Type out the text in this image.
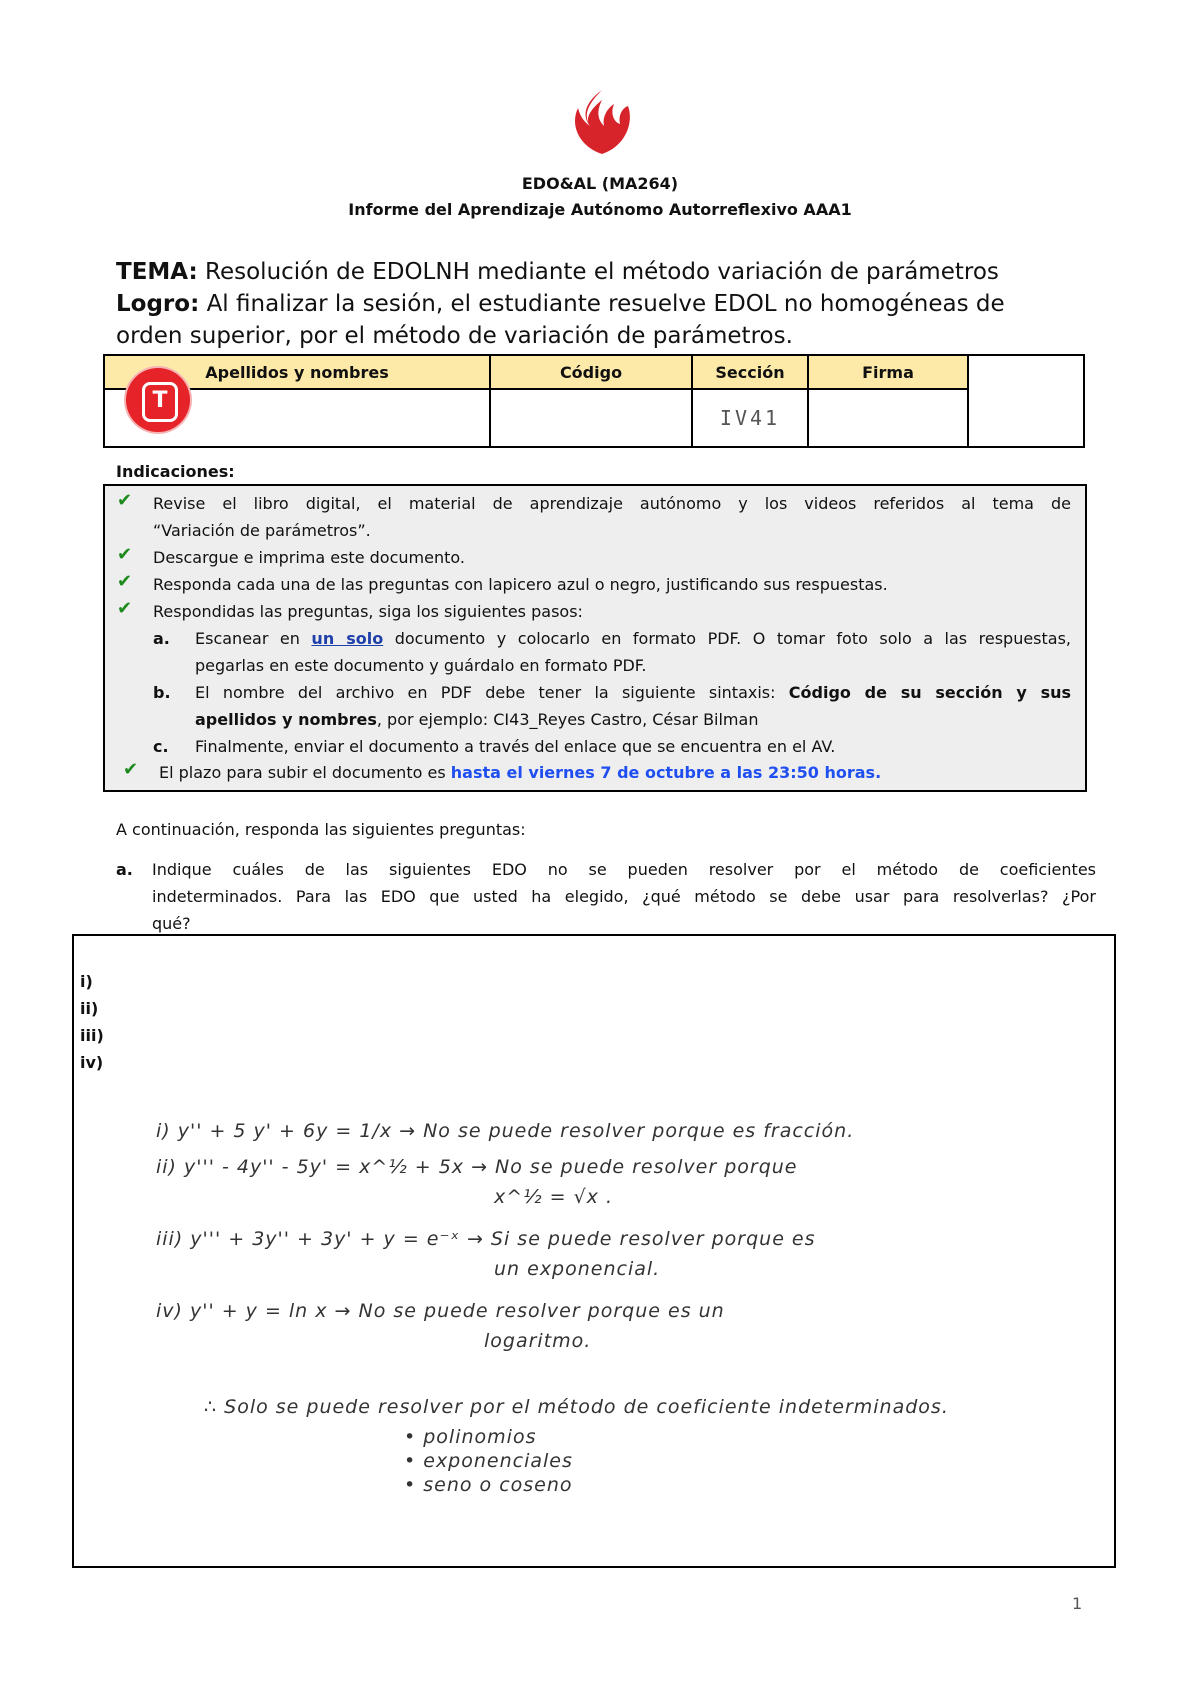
EDO&AL (MA264)
Informe del Aprendizaje Autónomo Autorreflexivo AAA1
TEMA: Resolución de EDOLNH mediante el método variación de parámetros
Logro: Al finalizar la sesión, el estudiante resuelve EDOL no homogéneas de orden superior, por el método de variación de parámetros.
Apellidos y nombres	Código	Sección	Firma	
		IV41		
T
Indicaciones:
✔ Revise el libro digital, el material de aprendizaje autónomo y los videos referidos al tema de
“Variación de parámetros”.
✔ Descargue e imprima este documento.
✔ Responda cada una de las preguntas con lapicero azul o negro, justificando sus respuestas.
✔ Respondidas las preguntas, siga los siguientes pasos:
a. Escanear en un solo documento y colocarlo en formato PDF. O tomar foto solo a las respuestas,
pegarlas en este documento y guárdalo en formato PDF.
b. El nombre del archivo en PDF debe tener la siguiente sintaxis: Código de su sección y sus
apellidos y nombres, por ejemplo: CI43_Reyes Castro, César Bilman
c. Finalmente, enviar el documento a través del enlace que se encuentra en el AV.
✔ El plazo para subir el documento es hasta el viernes 7 de octubre a las 23:50 horas.
A continuación, responda las siguientes preguntas:
a. Indique cuáles de las siguientes EDO no se pueden resolver por el método de coeficientes
indeterminados. Para las EDO que usted ha elegido, ¿qué método se debe usar para resolverlas? ¿Por
qué?
i)
ii)
iii)
iv)
i) y'' + 5 y' + 6y = 1/x → No se puede resolver porque es fracción.
ii) y''' - 4y'' - 5y' = x^½ + 5x → No se puede resolver porque
x^½ = √x .
iii) y''' + 3y'' + 3y' + y = e⁻ˣ → Si se puede resolver porque es
un exponencial.
iv) y'' + y = ln x → No se puede resolver porque es un
logaritmo.
∴ Solo se puede resolver por el método de coeficiente indeterminados.
• polinomios
• exponenciales
• seno o coseno
1
